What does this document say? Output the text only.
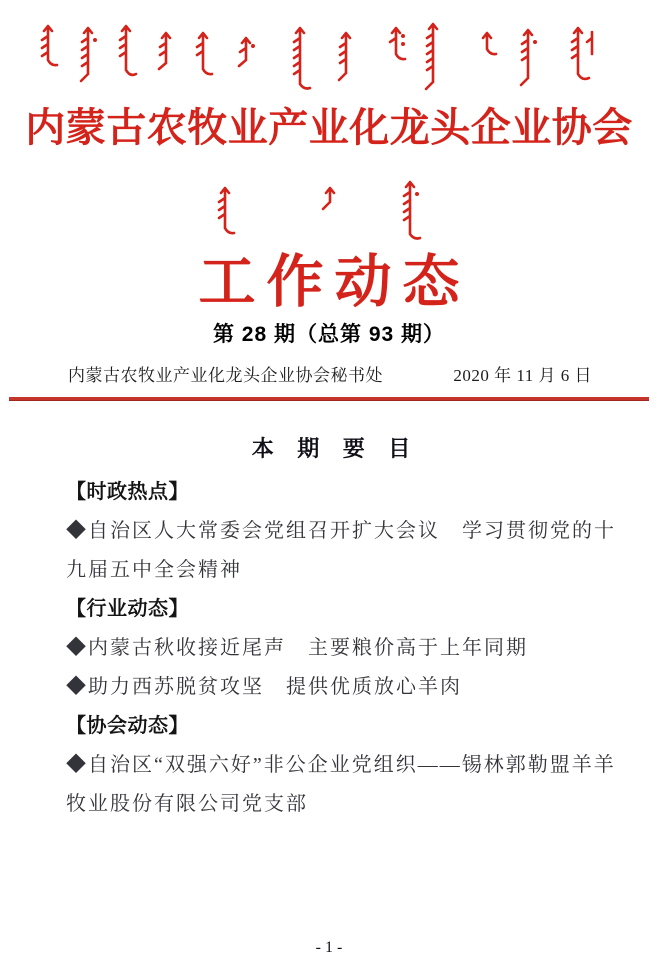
内蒙古农牧业产业化龙头企业协会
工作动态
第 28 期（总第 93 期）
内蒙古农牧业产业化龙头企业协会秘书处	2020 年 11 月 6 日
本 期 要 目
【时政热点】
◆自治区人大常委会党组召开扩大会议　学习贯彻党的十
九届五中全会精神
【行业动态】
◆内蒙古秋收接近尾声　主要粮价高于上年同期
◆助力西苏脱贫攻坚　提供优质放心羊肉
【协会动态】
◆自治区“双强六好”非公企业党组织——锡林郭勒盟羊羊
牧业股份有限公司党支部
- 1 -
